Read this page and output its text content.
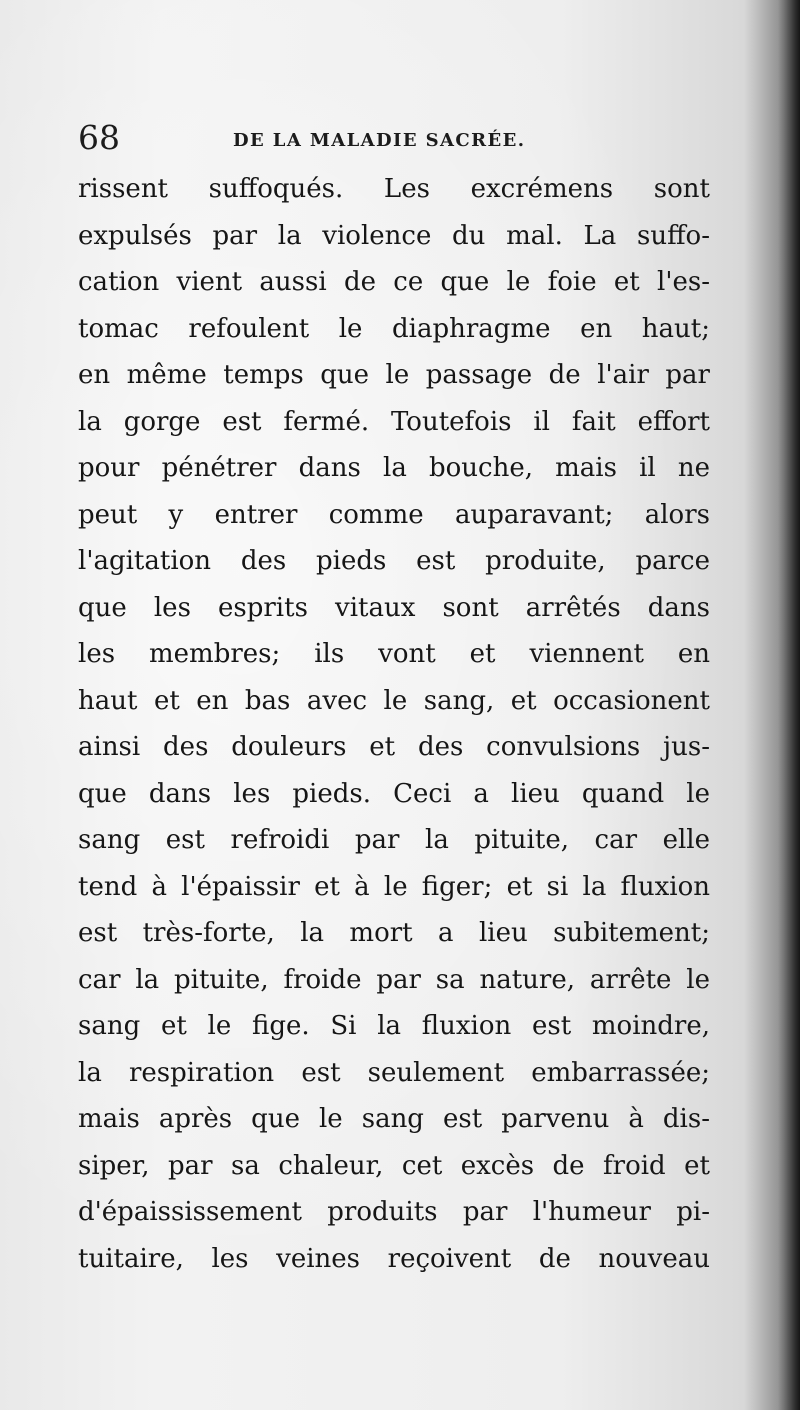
68	DE LA MALADIE SACRÉE.
rissent suffoqués. Les excrémens sont
expulsés par la violence du mal. La suffo-
cation vient aussi de ce que le foie et l'es-
tomac refoulent le diaphragme en haut;
en même temps que le passage de l'air par
la gorge est fermé. Toutefois il fait effort
pour pénétrer dans la bouche, mais il ne
peut y entrer comme auparavant; alors
l'agitation des pieds est produite, parce
que les esprits vitaux sont arrêtés dans
les membres; ils vont et viennent en
haut et en bas avec le sang, et occasionent
ainsi des douleurs et des convulsions jus-
que dans les pieds. Ceci a lieu quand le
sang est refroidi par la pituite, car elle
tend à l'épaissir et à le figer; et si la fluxion
est très-forte, la mort a lieu subitement;
car la pituite, froide par sa nature, arrête le
sang et le fige. Si la fluxion est moindre,
la respiration est seulement embarrassée;
mais après que le sang est parvenu à dis-
siper, par sa chaleur, cet excès de froid et
d'épaississement produits par l'humeur pi-
tuitaire, les veines reçoivent de nouveau
